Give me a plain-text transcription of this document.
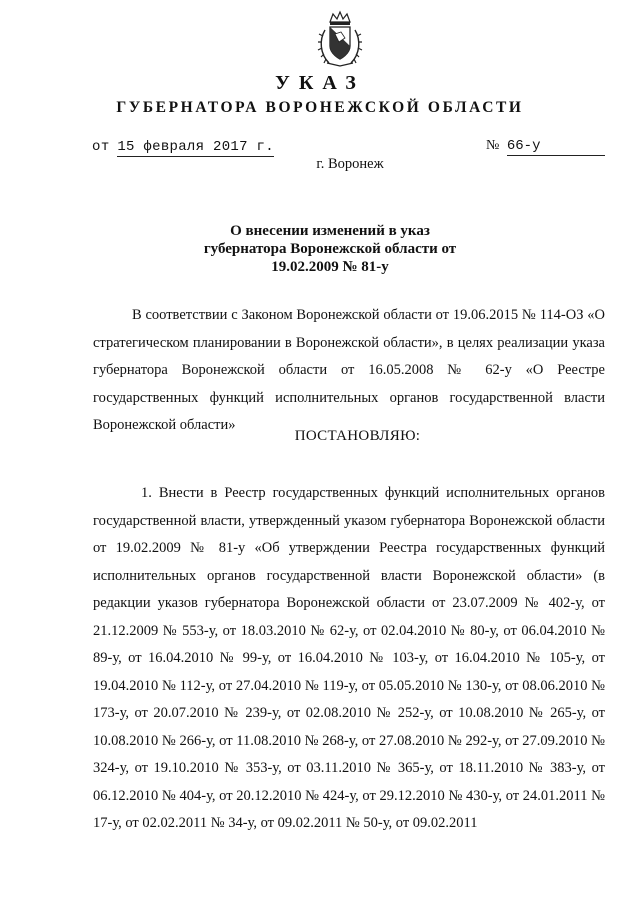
УКАЗ
ГУБЕРНАТОРА ВОРОНЕЖСКОЙ ОБЛАСТИ
от 15 февраля 2017 г.	№ 66-у
г. Воронеж
О внесении изменений в указ губернатора Воронежской области от 19.02.2009 № 81-у
В соответствии с Законом Воронежской области от 19.06.2015 № 114-ОЗ «О стратегическом планировании в Воронежской области», в целях реализации указа губернатора Воронежской области от 16.05.2008 № 62-у «О Реестре государственных функций исполнительных органов государственной власти Воронежской области»
ПОСТАНОВЛЯЮ:
1. Внести в Реестр государственных функций исполнительных органов государственной власти, утвержденный указом губернатора Воронежской области от 19.02.2009 № 81-у «Об утверждении Реестра государственных функций исполнительных органов государственной власти Воронежской области» (в редакции указов губернатора Воронежской области от 23.07.2009 № 402-у, от 21.12.2009 № 553-у, от 18.03.2010 № 62-у, от 02.04.2010 № 80-у, от 06.04.2010 № 89-у, от 16.04.2010 № 99-у, от 16.04.2010 № 103-у, от 16.04.2010 № 105-у, от 19.04.2010 № 112-у, от 27.04.2010 № 119-у, от 05.05.2010 № 130-у, от 08.06.2010 № 173-у, от 20.07.2010 № 239-у, от 02.08.2010 № 252-у, от 10.08.2010 № 265-у, от 10.08.2010 № 266-у, от 11.08.2010 № 268-у, от 27.08.2010 № 292-у, от 27.09.2010 № 324-у, от 19.10.2010 № 353-у, от 03.11.2010 № 365-у, от 18.11.2010 № 383-у, от 06.12.2010 № 404-у, от 20.12.2010 № 424-у, от 29.12.2010 № 430-у, от 24.01.2011 № 17-у, от 02.02.2011 № 34-у, от 09.02.2011 № 50-у, от 09.02.2011
